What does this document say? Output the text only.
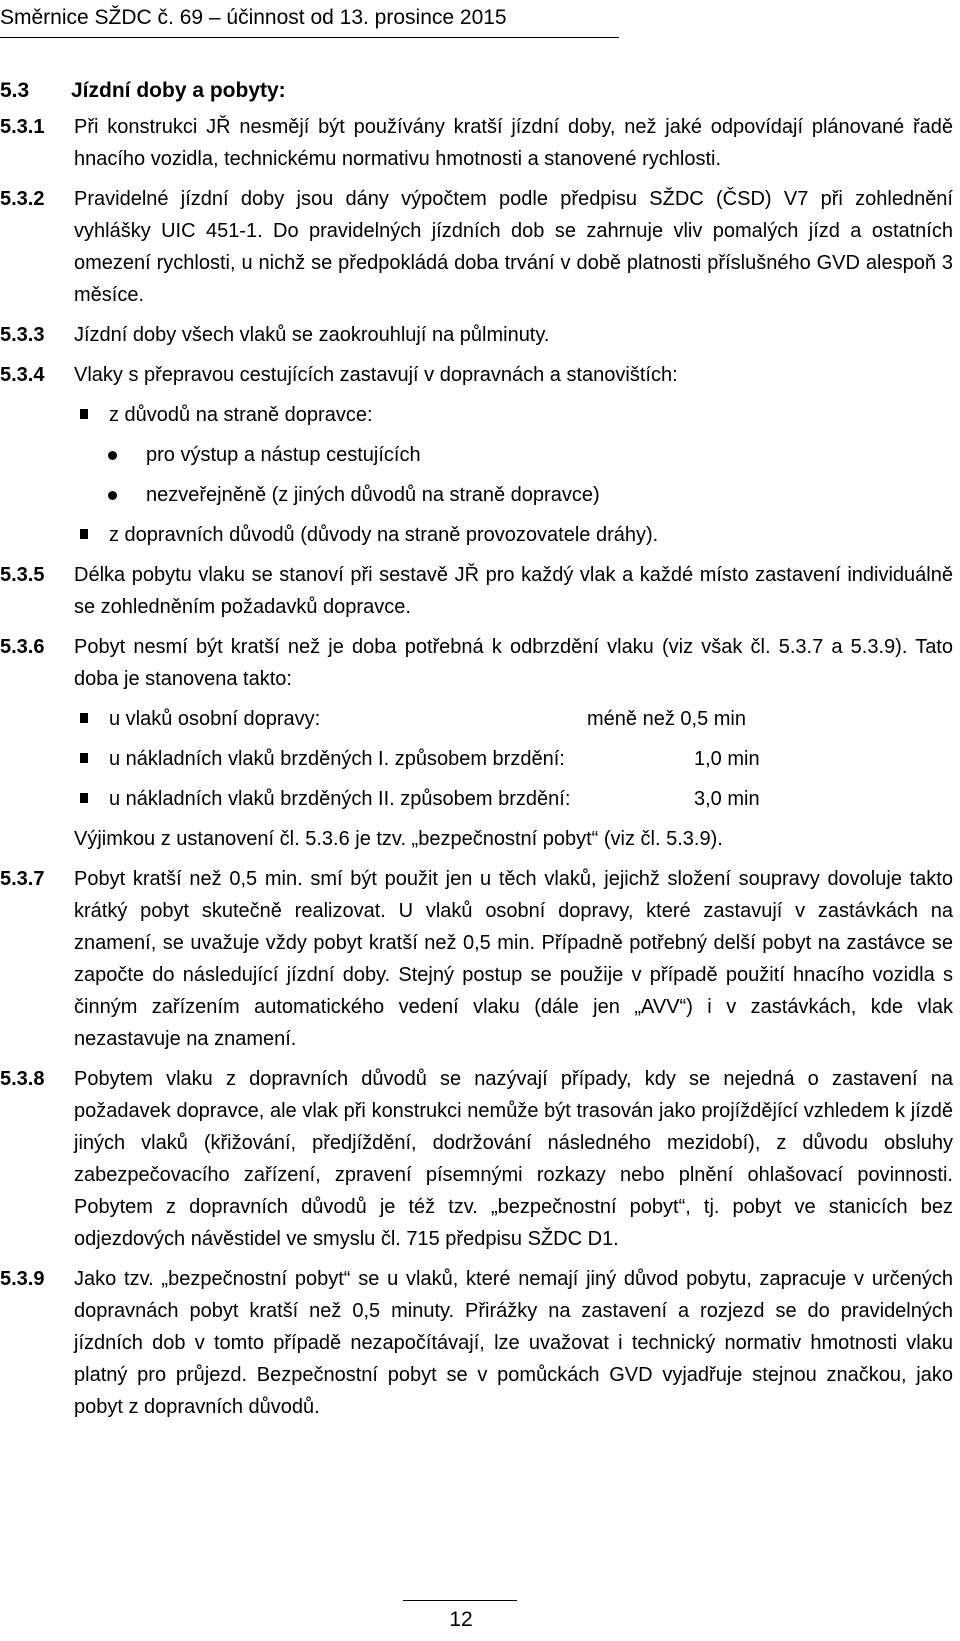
Směrnice SŽDC č. 69 – účinnost od 13. prosince 2015
5.3 Jízdní doby a pobyty:
5.3.1 Při konstrukci JŘ nesmějí být používány kratší jízdní doby, než jaké odpovídají plánované řadě hnacího vozidla, technickému normativu hmotnosti a stanovené rychlosti.
5.3.2 Pravidelné jízdní doby jsou dány výpočtem podle předpisu SŽDC (ČSD) V7 při zohlednění vyhlášky UIC 451-1. Do pravidelných jízdních dob se zahrnuje vliv pomalých jízd a ostatních omezení rychlosti, u nichž se předpokládá doba trvání v době platnosti příslušného GVD alespoň 3 měsíce.
5.3.3 Jízdní doby všech vlaků se zaokrouhlují na půlminuty.
5.3.4 Vlaky s přepravou cestujících zastavují v dopravnách a stanovištích:
z důvodů na straně dopravce:
pro výstup a nástup cestujících
nezveřejněně (z jiných důvodů na straně dopravce)
z dopravních důvodů (důvody na straně provozovatele dráhy).
5.3.5 Délka pobytu vlaku se stanoví při sestavě JŘ pro každý vlak a každé místo zastavení individuálně se zohledněním požadavků dopravce.
5.3.6 Pobyt nesmí být kratší než je doba potřebná k odbrzdění vlaku (viz však čl. 5.3.7 a 5.3.9). Tato doba je stanovena takto:
u vlaků osobní dopravy:	méně než 0,5 min
u nákladních vlaků brzděných I. způsobem brzdění:	1,0 min
u nákladních vlaků brzděných II. způsobem brzdění:	3,0 min
Výjimkou z ustanovení čl. 5.3.6 je tzv. „bezpečnostní pobyt“ (viz čl. 5.3.9).
5.3.7 Pobyt kratší než 0,5 min. smí být použit jen u těch vlaků, jejichž složení soupravy dovoluje takto krátký pobyt skutečně realizovat. U vlaků osobní dopravy, které zastavují v zastávkách na znamení, se uvažuje vždy pobyt kratší než 0,5 min. Případně potřebný delší pobyt na zastávce se započte do následující jízdní doby. Stejný postup se použije v případě použití hnacího vozidla s činným zařízením automatického vedení vlaku (dále jen „AVV“) i v zastávkách, kde vlak nezastavuje na znamení.
5.3.8 Pobytem vlaku z dopravních důvodů se nazývají případy, kdy se nejedná o zastavení na požadavek dopravce, ale vlak při konstrukci nemůže být trasován jako projíždějící vzhledem k jízdě jiných vlaků (křižování, předjíždění, dodržování následného mezidobí), z důvodu obsluhy zabezpečovacího zařízení, zpravení písemnými rozkazy nebo plnění ohlašovací povinnosti. Pobytem z dopravních důvodů je též tzv. „bezpečnostní pobyt“, tj. pobyt ve stanicích bez odjezdových návěstidel ve smyslu čl. 715 předpisu SŽDC D1.
5.3.9 Jako tzv. „bezpečnostní pobyt“ se u vlaků, které nemají jiný důvod pobytu, zapracuje v určených dopravnách pobyt kratší než 0,5 minuty. Přirážky na zastavení a rozjezd se do pravidelných jízdních dob v tomto případě nezapočítávají, lze uvažovat i technický normativ hmotnosti vlaku platný pro průjezd. Bezpečnostní pobyt se v pomůckách GVD vyjadřuje stejnou značkou, jako pobyt z dopravních důvodů.
12
